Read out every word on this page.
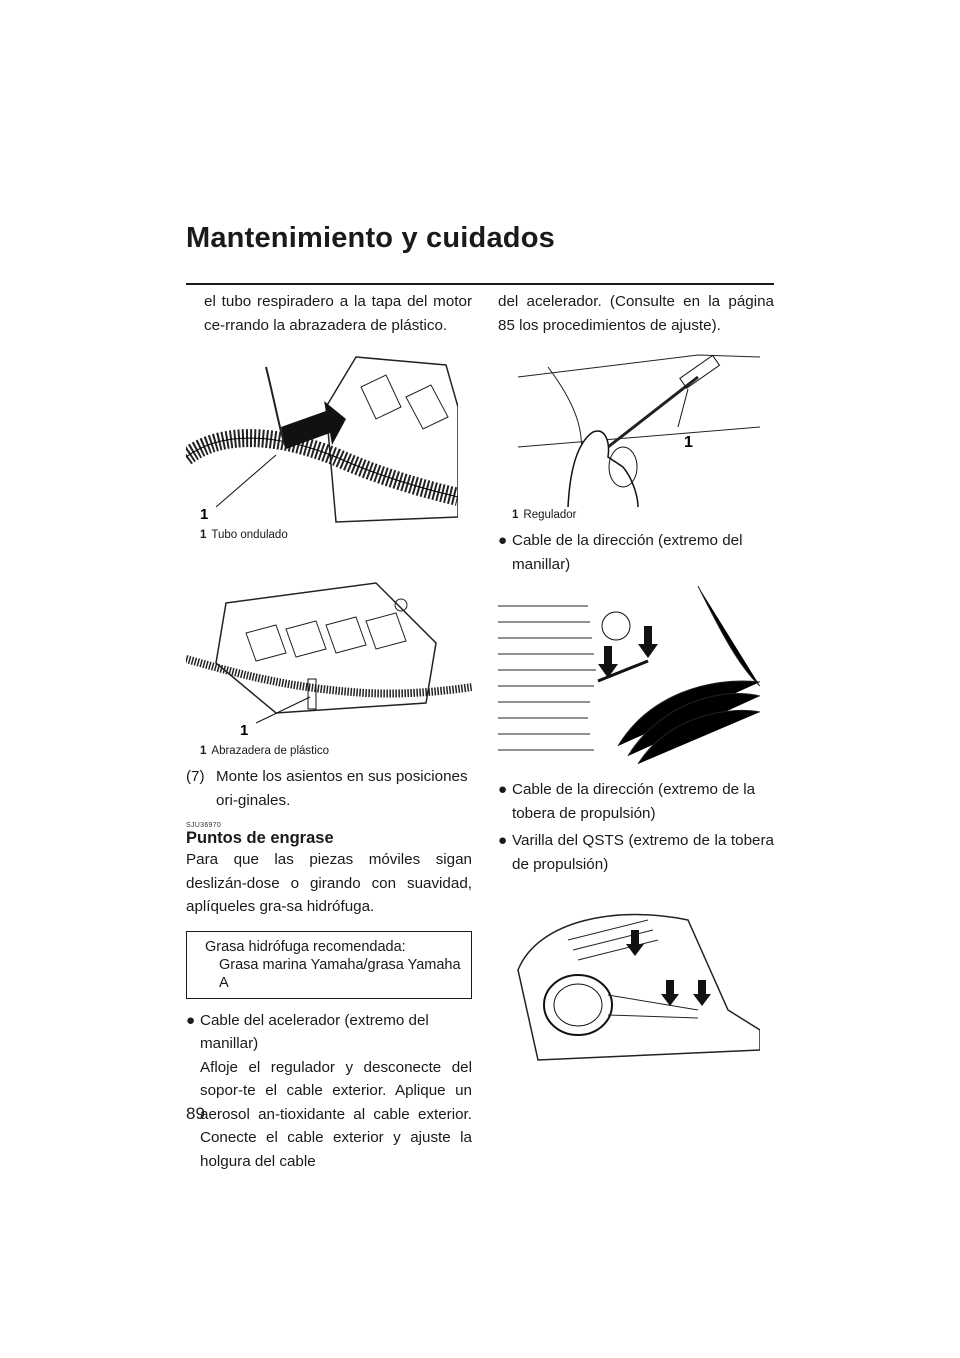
Mantenimiento y cuidados

el tubo respiradero a la tapa del motor ce-rrando la abrazadera de plástico.

1
1 Tubo ondulado
1
1 Abrazadera de plástico
(7) Monte los asientos en sus posiciones ori-ginales.
SJU36970
Puntos de engrase

Para que las piezas móviles sigan deslizán-dose o girando con suavidad, aplíqueles gra-sa hidrófuga.

Grasa hidrófuga recomendada:
Grasa marina Yamaha/grasa Yamaha A
● Cable del acelerador (extremo del manillar)
Afloje el regulador y desconecte del sopor-te el cable exterior. Aplique un aerosol an-tioxidante al cable exterior. Conecte el cable exterior y ajuste la holgura del cable

del acelerador. (Consulte en la página 85 los procedimientos de ajuste).

1
1 Regulador
● Cable de la dirección (extremo del manillar)
● Cable de la dirección (extremo de la tobera de propulsión)
● Varilla del QSTS (extremo de la tobera de propulsión)
89
